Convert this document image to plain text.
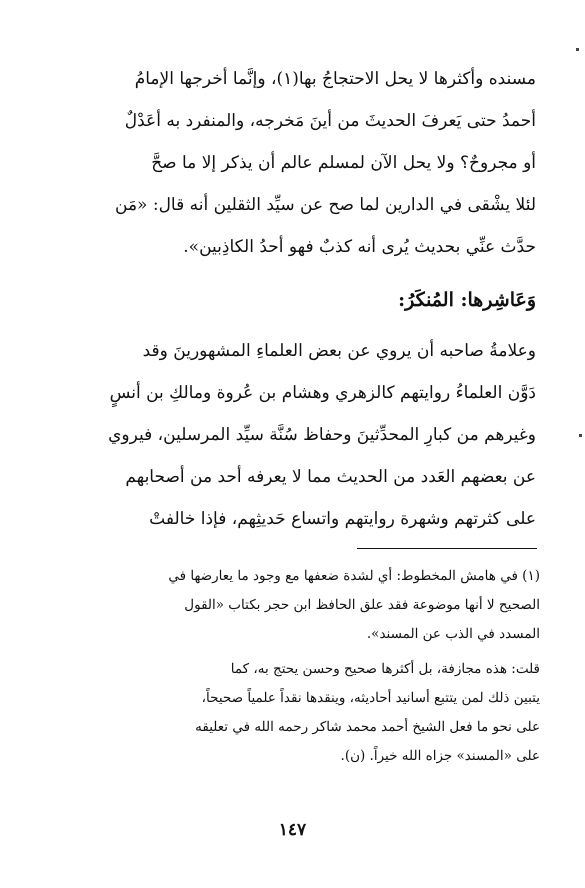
مسنده وأكثرها لا يحل الاحتجاجُ بها(١)، وإنَّما أخرجها الإمامُ
أحمدُ حتى يَعرفَ الحديثَ من أينَ مَخرجه، والمنفرد به أعَدْلٌ
أو مجروحٌ؟ ولا يحل الآن لمسلم عالم أن يذكر إلا ما صحَّ
لئلا يشْقى في الدارين لما صح عن سيِّد الثقلين أنه قال: «مَن
حدَّث عنِّي بحديث يُرى أنه كذبٌ فهو أحدُ الكاذِبين».
وَعَاشِرها: المُنكَرُ:
وعلامةُ صاحبه أن يروي عن بعض العلماءِ المشهورينَ وقد
دَوَّن العلماءُ روايتهم كالزهري وهشام بن عُروة ومالكِ بن أنسٍ
وغيرهم من كبارِ المحدِّثينَ وحفاظ سُنَّة سيِّد المرسلين، فيروي
عن بعضهم العَدد من الحديث مما لا يعرفه أحد من أصحابهم
على كثرتهم وشهرة روايتهم واتساع حَديثِهم، فإذا خالفتْ
(١) في هامش المخطوط: أي لشدة ضعفها مع وجود ما يعارضها في
الصحيح لا أنها موضوعة فقد علق الحافظ ابن حجر بكتاب «القول
المسدد في الذب عن المسند».
قلت: هذه مجازفة، بل أكثرها صحيح وحسن يحتج به، كما
يتبين ذلك لمن يتتبع أسانيد أحاديثه، وينقدها نقداً علمياً صحيحاً،
على نحو ما فعل الشيخ أحمد محمد شاكر رحمه الله في تعليقه
على «المسند» جزاه الله خيراً. (ن).
١٤٧
